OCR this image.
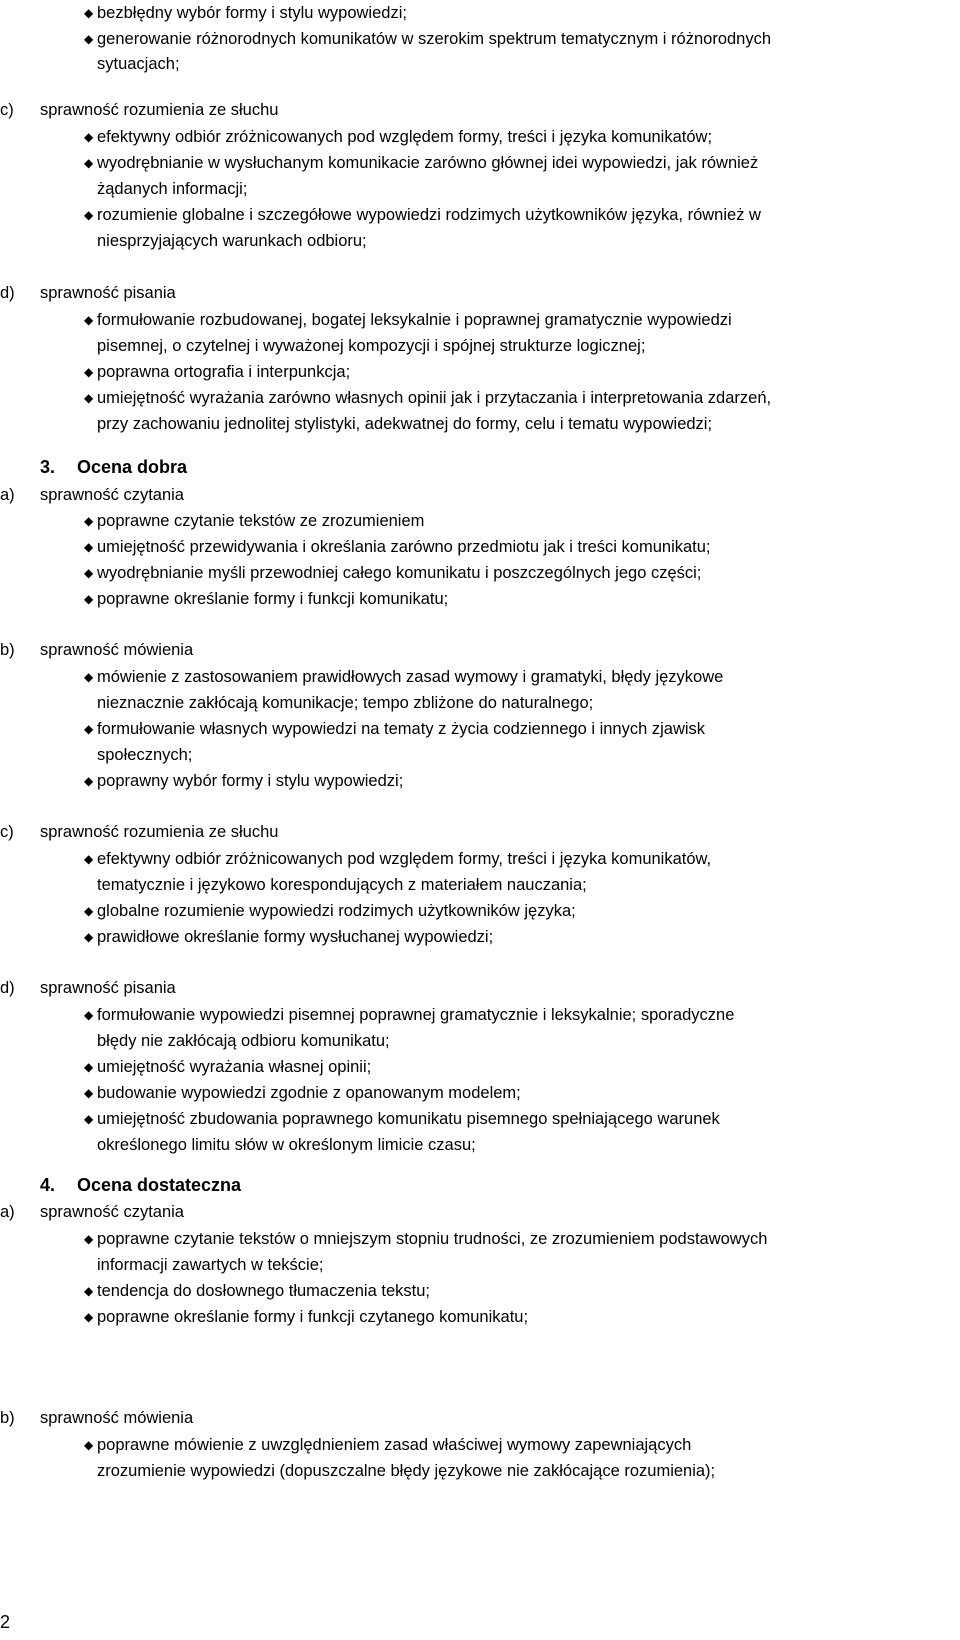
◆ bezbłędny wybór formy i stylu wypowiedzi;
◆ generowanie różnorodnych komunikatów w szerokim spektrum tematycznym i różnorodnych
sytuacjach;
c) sprawność rozumienia ze słuchu
◆ efektywny odbiór zróżnicowanych pod względem formy, treści i języka komunikatów;
◆ wyodrębnianie w wysłuchanym komunikacie zarówno głównej idei wypowiedzi, jak również
żądanych informacji;
◆ rozumienie globalne i szczegółowe wypowiedzi rodzimych użytkowników języka, również w
niesprzyjających warunkach odbioru;
d) sprawność pisania
◆ formułowanie rozbudowanej, bogatej leksykalnie i poprawnej gramatycznie wypowiedzi
pisemnej, o czytelnej i wyważonej kompozycji i spójnej strukturze logicznej;
◆ poprawna ortografia i interpunkcja;
◆ umiejętność wyrażania zarówno własnych opinii jak i przytaczania i interpretowania zdarzeń,
przy zachowaniu jednolitej stylistyki, adekwatnej do formy, celu i tematu wypowiedzi;
a) sprawność czytania
◆ poprawne czytanie tekstów ze zrozumieniem
◆ umiejętność przewidywania i określania zarówno przedmiotu jak i treści komunikatu;
◆ wyodrębnianie myśli przewodniej całego komunikatu i poszczególnych jego części;
◆ poprawne określanie formy i funkcji komunikatu;
b) sprawność mówienia
◆ mówienie z zastosowaniem prawidłowych zasad wymowy i gramatyki, błędy językowe
nieznacznie zakłócają komunikacje; tempo zbliżone do naturalnego;
◆ formułowanie własnych wypowiedzi na tematy z życia codziennego i innych zjawisk
społecznych;
◆ poprawny wybór formy i stylu wypowiedzi;
c) sprawność rozumienia ze słuchu
◆ efektywny odbiór zróżnicowanych pod względem formy, treści i języka komunikatów,
tematycznie i językowo korespondujących z materiałem nauczania;
◆ globalne rozumienie wypowiedzi rodzimych użytkowników języka;
◆ prawidłowe określanie formy wysłuchanej wypowiedzi;
d) sprawność pisania
◆ formułowanie wypowiedzi pisemnej poprawnej gramatycznie i leksykalnie; sporadyczne
błędy nie zakłócają odbioru komunikatu;
◆ umiejętność wyrażania własnej opinii;
◆ budowanie wypowiedzi zgodnie z opanowanym modelem;
◆ umiejętność zbudowania poprawnego komunikatu pisemnego spełniającego warunek
określonego limitu słów w określonym limicie czasu;
a) sprawność czytania
◆ poprawne czytanie tekstów o mniejszym stopniu trudności, ze zrozumieniem podstawowych
informacji zawartych w tekście;
◆ tendencja do dosłownego tłumaczenia tekstu;
◆ poprawne określanie formy i funkcji czytanego komunikatu;
b) sprawność mówienia
◆ poprawne mówienie z uwzględnieniem zasad właściwej wymowy zapewniających
zrozumienie wypowiedzi (dopuszczalne błędy językowe nie zakłócające rozumienia);
3. Ocena dobra
4. Ocena dostateczna
2
